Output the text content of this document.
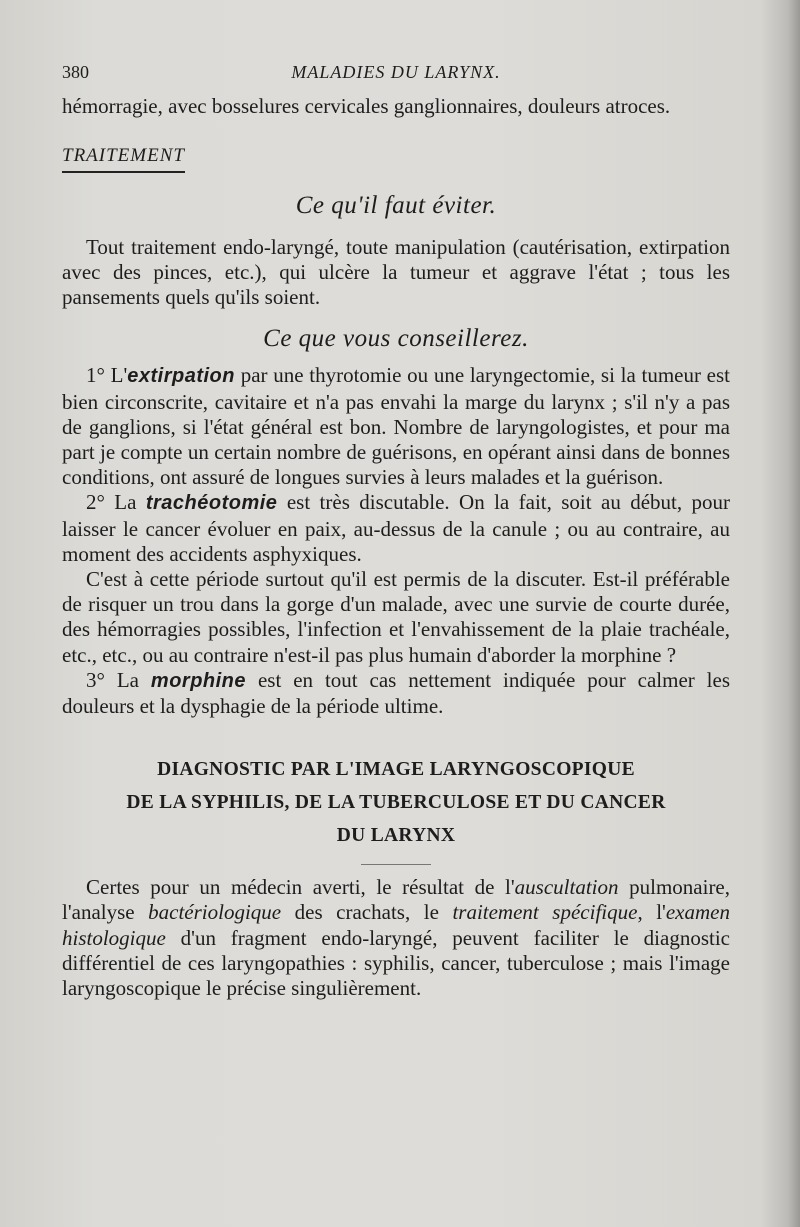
380	MALADIES DU LARYNX.

hémorragie, avec bosselures cervicales ganglionnaires, douleurs atroces.

TRAITEMENT
Ce qu'il faut éviter.

Tout traitement endo-laryngé, toute manipulation (cautérisation, extirpation avec des pinces, etc.), qui ulcère la tumeur et aggrave l'état ; tous les pansements quels qu'ils soient.

Ce que vous conseillerez.

1° L'extirpation par une thyrotomie ou une laryngectomie, si la tumeur est bien circonscrite, cavitaire et n'a pas envahi la marge du larynx ; s'il n'y a pas de ganglions, si l'état général est bon. Nombre de laryngologistes, et pour ma part je compte un certain nombre de guérisons, en opérant ainsi dans de bonnes conditions, ont assuré de longues survies à leurs malades et la guérison.

2° La trachéotomie est très discutable. On la fait, soit au début, pour laisser le cancer évoluer en paix, au-dessus de la canule ; ou au contraire, au moment des accidents asphyxiques.

C'est à cette période surtout qu'il est permis de la discuter. Est-il préférable de risquer un trou dans la gorge d'un malade, avec une survie de courte durée, des hémorragies possibles, l'infection et l'envahissement de la plaie trachéale, etc., etc., ou au contraire n'est-il pas plus humain d'aborder la morphine ?

3° La morphine est en tout cas nettement indiquée pour calmer les douleurs et la dysphagie de la période ultime.

DIAGNOSTIC PAR L'IMAGE LARYNGOSCOPIQUE
DE LA SYPHILIS, DE LA TUBERCULOSE ET DU CANCER
DU LARYNX

Certes pour un médecin averti, le résultat de l'auscultation pulmonaire, l'analyse bactériologique des crachats, le traitement spécifique, l'examen histologique d'un fragment endo-laryngé, peuvent faciliter le diagnostic différentiel de ces laryngopathies : syphilis, cancer, tuberculose ; mais l'image laryngoscopique le précise singulièrement.
